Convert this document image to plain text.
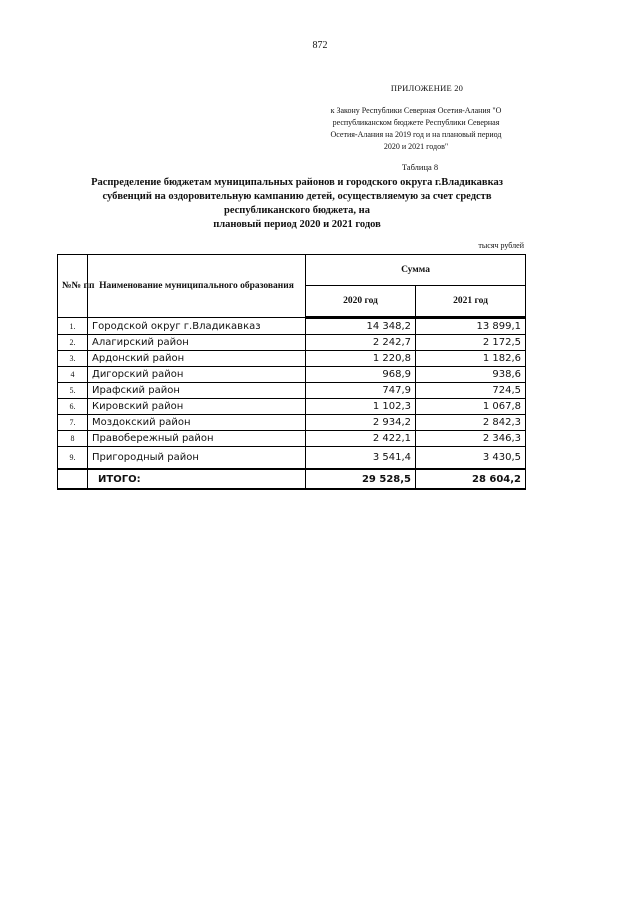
872
ПРИЛОЖЕНИЕ 20
к Закону Республики Северная Осетия-Алания "О
республиканском бюджете Республики Северная
Осетия-Алания на 2019 год и на плановый период
2020 и 2021 годов"
Таблица 8
Распределение бюджетам муниципальных районов и городского округа г.Владикавказ
субвенций на оздоровительную кампанию детей, осуществляемую за счет средств
республиканского бюджета, на
плановый период 2020 и 2021 годов
тысяч рублей
№№ пп	Наименование муниципального образования	Сумма	
		2020 год	2021 год
1.	Городской округ г.Владикавказ	14 348,2	13 899,1
2.	Алагирский район	2 242,7	2 172,5
3.	Ардонский район	1 220,8	1 182,6
4	Дигорский район	968,9	938,6
5.	Ирафский район	747,9	724,5
6.	Кировский район	1 102,3	1 067,8
7.	Моздокский район	2 934,2	2 842,3
8	Правобережный район	2 422,1	2 346,3
9.	Пригородный район	3 541,4	3 430,5
	ИТОГО:	29 528,5	28 604,2
